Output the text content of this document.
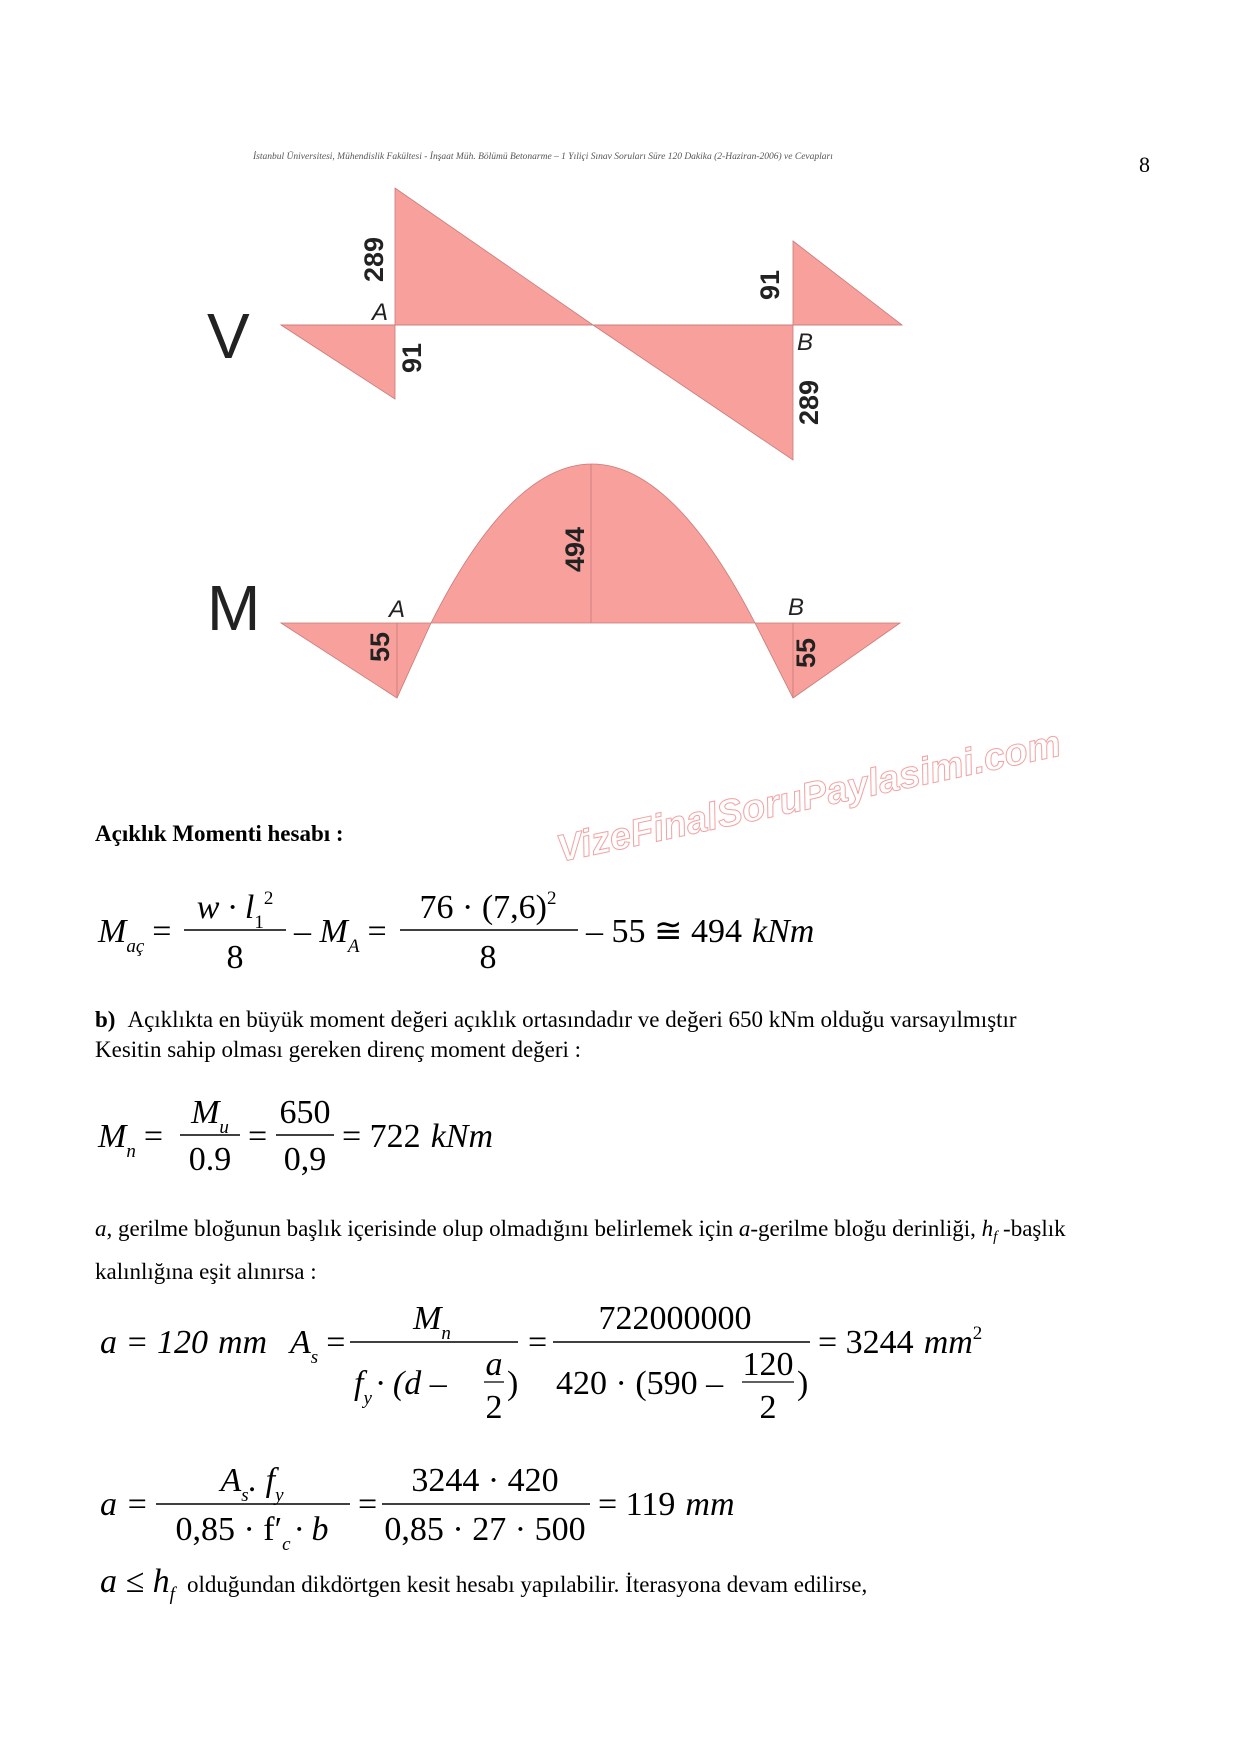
İstanbul Üniversitesi, Mühendislik Fakültesi - İnşaat Müh. Bölümü Betonarme – 1 Yıliçi Sınav Soruları Süre 120 Dakika (2-Haziran-2006) ve Cevapları	8
V	A
B
289
91
91
289
M	A	B
55
494
55
VizeFinalSoruPaylasimi.com
Açıklık Momenti hesabı :
$M_{aç}$ =
$w \cdot l_1^2$
8
– $M_A$ =
$76 \cdot (7,6)^2$
8
– 55 ≅ 494 kNm
b) Açıklıkta en büyük moment değeri açıklık ortasındadır ve değeri 650 kNm olduğu varsayılmıştır
Kesitin sahip olması gereken direnç moment değeri :
$M_n$ =
$M_u$
0.9
=
650
0,9
= 722 kNm
a, gerilme bloğunun başlık içerisinde olup olmadığını belirlemek için a-gerilme bloğu derinliği, $h_f$ -başlık
kalınlığına eşit alınırsa :
a = 120 mm $A_s$ =
$M_n$
$f_y \cdot (d$ –
a
2
)
=
722000000
420 · (590 –
120
2
)
= 3244 $mm^2$
a =
$A_s$. $f_y$
$0,85 \cdot f'_c \cdot b$
=
3244 · 420
0,85 · 27 · 500
= 119 mm
$a \le h_f$ $^{olduğundan dikdörtgen kesit hesabı yapılabilir. İterasyona devam edilirse,}$
